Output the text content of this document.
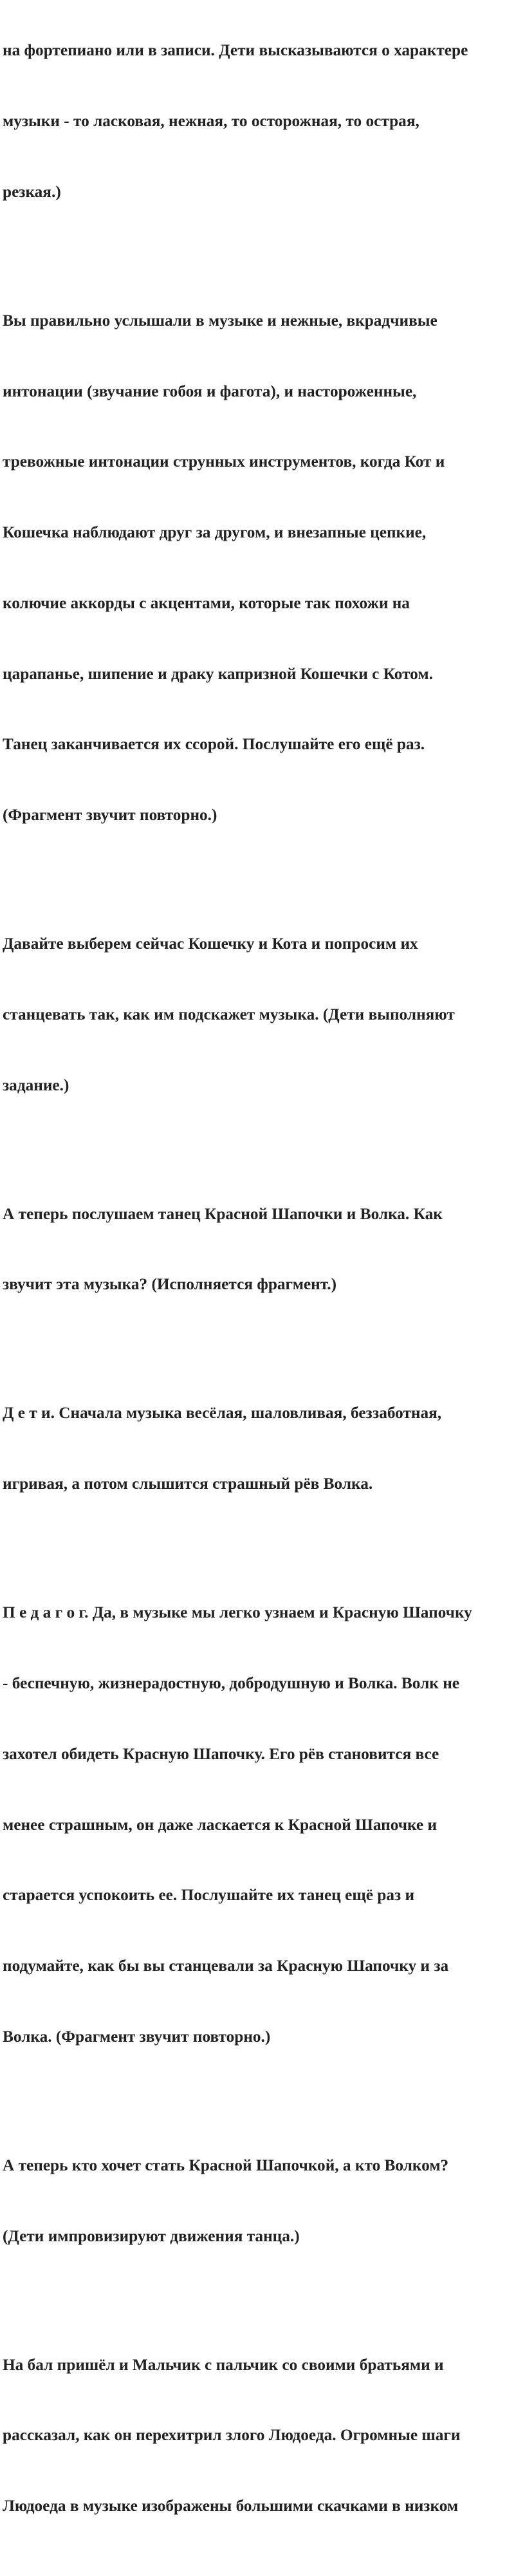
на фортепиано или в записи. Дети высказываются о характере

музыки - то ласковая, нежная, то осторожная, то острая,

резкая.)

Вы правильно услышали в музыке и нежные, вкрадчивые

интонации (звучание гобоя и фагота), и настороженные,

тревожные интонации струнных инструментов, когда Кот и

Кошечка наблюдают друг за другом, и внезапные цепкие,

колючие аккорды с акцентами, которые так похожи на

царапанье, шипение и драку капризной Кошечки с Котом.

Танец заканчивается их ссорой. Послушайте его ещё раз.

(Фрагмент звучит повторно.)

Давайте выберем сейчас Кошечку и Кота и попросим их

станцевать так, как им подскажет музыка. (Дети выполняют

задание.)

А теперь послушаем танец Красной Шапочки и Волка. Как

звучит эта музыка? (Исполняется фрагмент.)

Д е т и. Сначала музыка весёлая, шаловливая, беззаботная,

игривая, а потом слышится страшный рёв Волка.

П е д а г о г. Да, в музыке мы легко узнаем и Красную Шапочку

- беспечную, жизнерадостную, добродушную и Волка. Волк не

захотел обидеть Красную Шапочку. Его рёв становится все

менее страшным, он даже ласкается к Красной Шапочке и

старается успокоить ее. Послушайте их танец ещё раз и

подумайте, как бы вы станцевали за Красную Шапочку и за

Волка. (Фрагмент звучит повторно.)

А теперь кто хочет стать Красной Шапочкой, а кто Волком?

(Дети импровизируют движения танца.)

На бал пришёл и Мальчик с пальчик со своими братьями и

рассказал, как он перехитрил злого Людоеда. Огромные шаги

Людоеда в музыке изображены большими скачками в низком
